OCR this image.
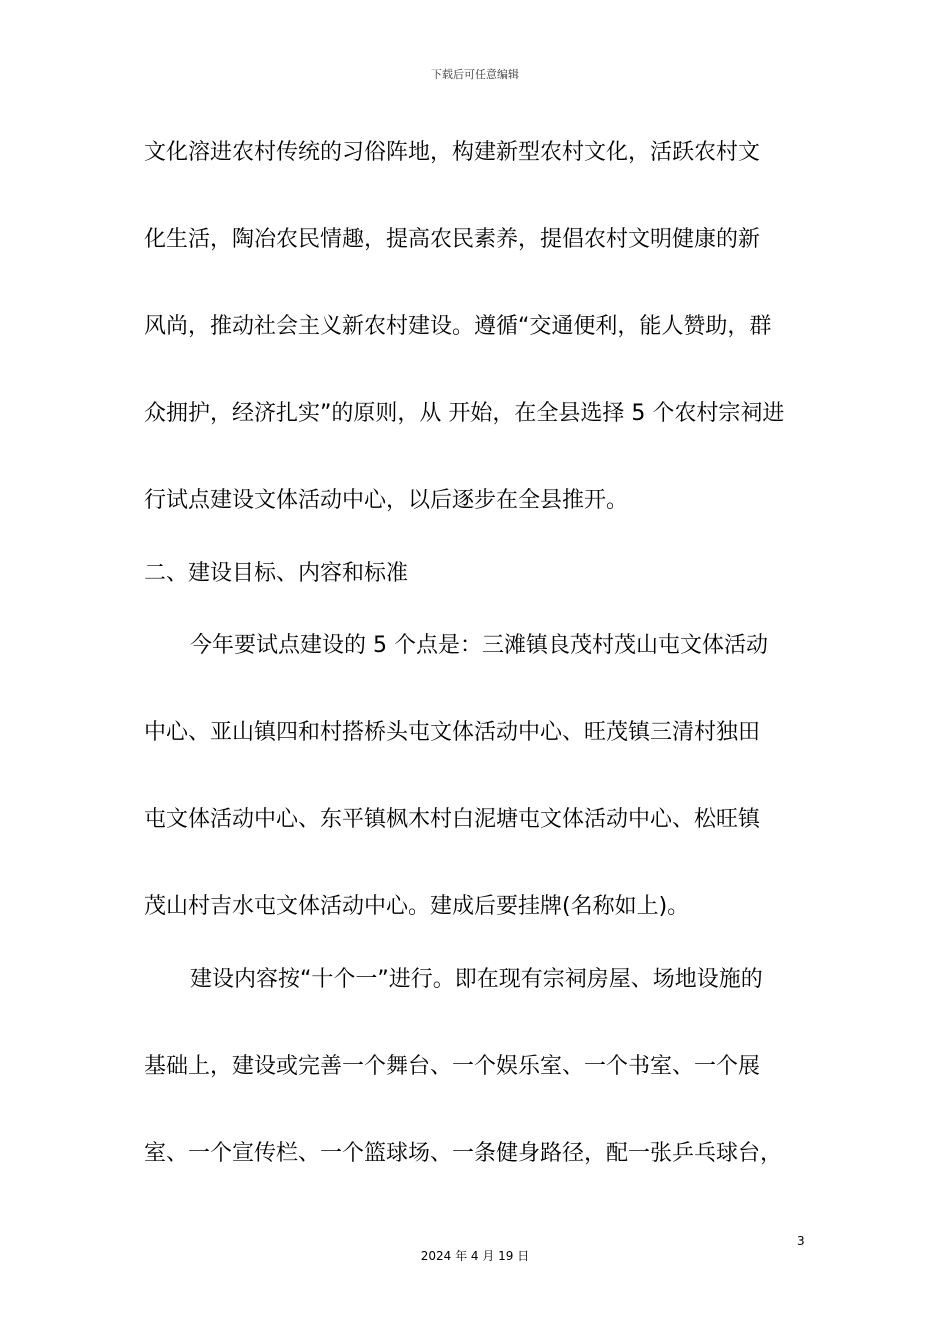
下载后可任意编辑
文化溶进农村传统的习俗阵地，构建新型农村文化，活跃农村文
化生活，陶冶农民情趣，提高农民素养，提倡农村文明健康的新
风尚，推动社会主义新农村建设。遵循“交通便利，能人赞助，群
众拥护，经济扎实”的原则，从 开始，在全县选择 5 个农村宗祠进
行试点建设文体活动中心，以后逐步在全县推开。
二、建设目标、内容和标准
今年要试点建设的 5 个点是：三滩镇良茂村茂山屯文体活动
中心、亚山镇四和村搭桥头屯文体活动中心、旺茂镇三清村独田
屯文体活动中心、东平镇枫木村白泥塘屯文体活动中心、松旺镇
茂山村吉水屯文体活动中心。建成后要挂牌(名称如上)。
建设内容按“十个一”进行。即在现有宗祠房屋、场地设施的
基础上，建设或完善一个舞台、一个娱乐室、一个书室、一个展
室、一个宣传栏、一个篮球场、一条健身路径，配一张乒乓球台，
3
2024 年 4 月 19 日
